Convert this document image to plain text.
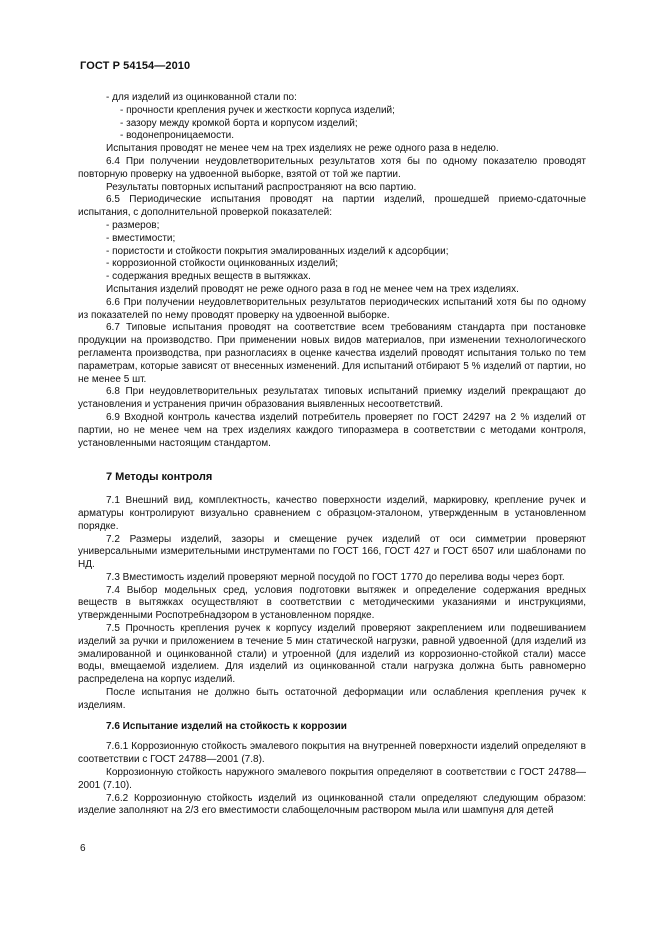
ГОСТ Р 54154—2010

- для изделий из оцинкованной стали по:

- прочности крепления ручек и жесткости корпуса изделий;

- зазору между кромкой борта и корпусом изделий;

- водонепроницаемости.

Испытания проводят не менее чем на трех изделиях не реже одного раза в неделю.

6.4 При получении неудовлетворительных результатов хотя бы по одному показателю проводят повторную проверку на удвоенной выборке, взятой от той же партии.

Результаты повторных испытаний распространяют на всю партию.

6.5 Периодические испытания проводят на партии изделий, прошедшей приемо-сдаточные испытания, с дополнительной проверкой показателей:

- размеров;

- вместимости;

- пористости и стойкости покрытия эмалированных изделий к адсорбции;

- коррозионной стойкости оцинкованных изделий;

- содержания вредных веществ в вытяжках.

Испытания изделий проводят не реже одного раза в год не менее чем на трех изделиях.

6.6 При получении неудовлетворительных результатов периодических испытаний хотя бы по одному из показателей по нему проводят проверку на удвоенной выборке.

6.7 Типовые испытания проводят на соответствие всем требованиям стандарта при постановке продукции на производство. При применении новых видов материалов, при изменении технологического регламента производства, при разногласиях в оценке качества изделий проводят испытания только по тем параметрам, которые зависят от внесенных изменений. Для испытаний отбирают 5 % изделий от партии, но не менее 5 шт.

6.8 При неудовлетворительных результатах типовых испытаний приемку изделий прекращают до установления и устранения причин образования выявленных несоответствий.

6.9 Входной контроль качества изделий потребитель проверяет по ГОСТ 24297 на 2 % изделий от партии, но не менее чем на трех изделиях каждого типоразмера в соответствии с методами контроля, установленными настоящим стандартом.

7 Методы контроля

7.1 Внешний вид, комплектность, качество поверхности изделий, маркировку, крепление ручек и арматуры контролируют визуально сравнением с образцом-эталоном, утвержденным в установленном порядке.

7.2 Размеры изделий, зазоры и смещение ручек изделий от оси симметрии проверяют универсальными измерительными инструментами по ГОСТ 166, ГОСТ 427 и ГОСТ 6507 или шаблонами по НД.

7.3 Вместимость изделий проверяют мерной посудой по ГОСТ 1770 до перелива воды через борт.

7.4 Выбор модельных сред, условия подготовки вытяжек и определение содержания вредных веществ в вытяжках осуществляют в соответствии с методическими указаниями и инструкциями, утвержденными Роспотребнадзором в установленном порядке.

7.5 Прочность крепления ручек к корпусу изделий проверяют закреплением или подвешиванием изделий за ручки и приложением в течение 5 мин статической нагрузки, равной удвоенной (для изделий из эмалированной и оцинкованной стали) и утроенной (для изделий из коррозионно-стойкой стали) массе воды, вмещаемой изделием. Для изделий из оцинкованной стали нагрузка должна быть равномерно распределена на корпус изделий.

После испытания не должно быть остаточной деформации или ослабления крепления ручек к изделиям.

7.6 Испытание изделий на стойкость к коррозии

7.6.1 Коррозионную стойкость эмалевого покрытия на внутренней поверхности изделий определяют в соответствии с ГОСТ 24788—2001 (7.8).

Коррозионную стойкость наружного эмалевого покрытия определяют в соответствии с ГОСТ 24788—2001 (7.10).

7.6.2 Коррозионную стойкость изделий из оцинкованной стали определяют следующим образом: изделие заполняют на 2/3 его вместимости слабощелочным раствором мыла или шампуня для детей

6
